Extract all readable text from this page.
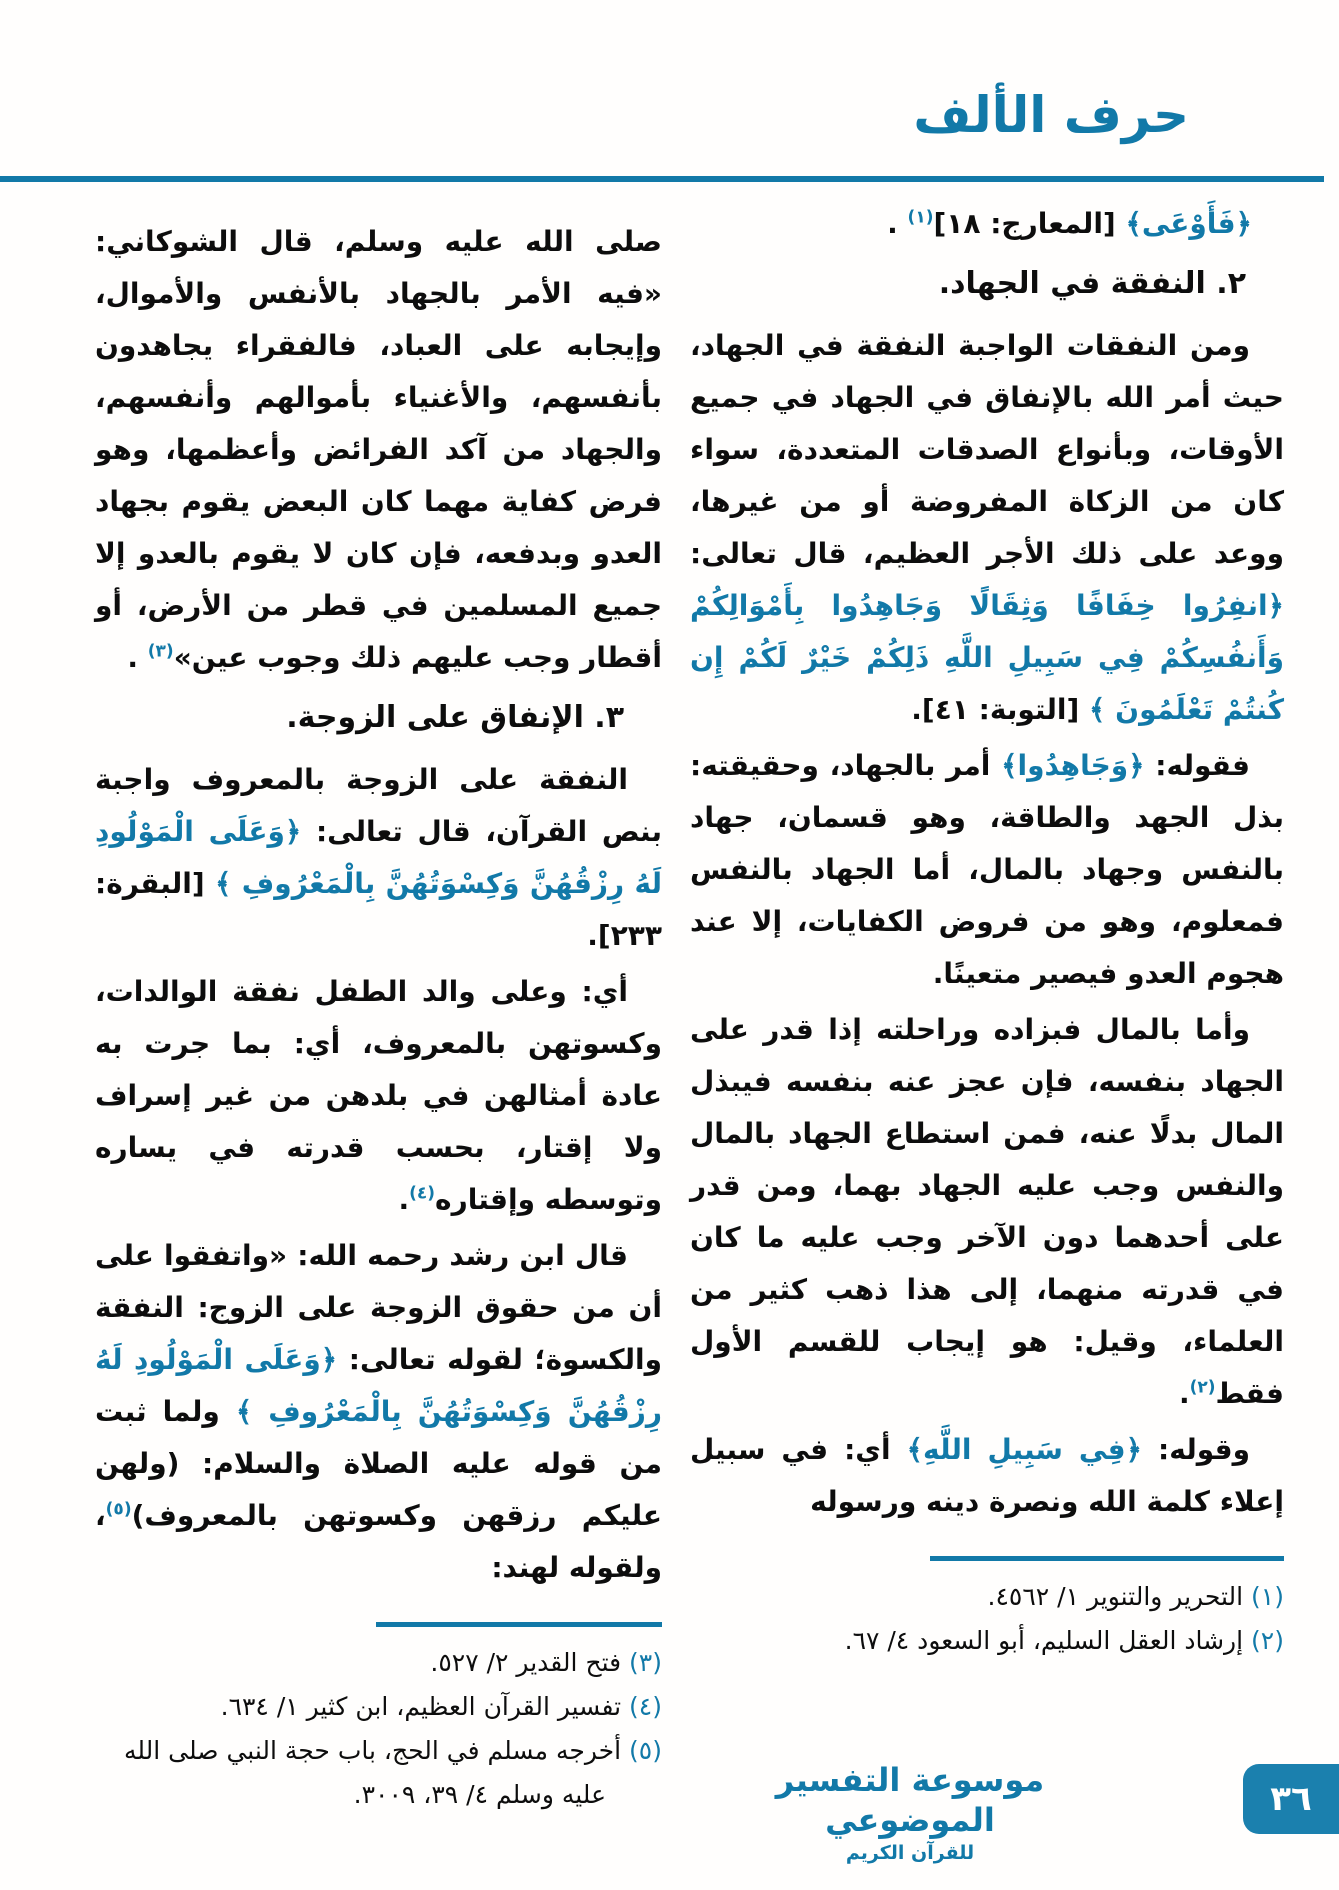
حرف الألف
﴿فَأَوْعَى﴾ [المعارج: ١٨]$^{(١)}$ .
٢. النفقة في الجهاد.
ومن النفقات الواجبة النفقة في الجهاد، حيث أمر الله بالإنفاق في الجهاد في جميع الأوقات، وبأنواع الصدقات المتعددة، سواء كان من الزكاة المفروضة أو من غيرها، ووعد على ذلك الأجر العظيم، قال تعالى: ﴿انفِرُوا خِفَافًا وَثِقَالًا وَجَاهِدُوا بِأَمْوَالِكُمْ وَأَنفُسِكُمْ فِي سَبِيلِ اللَّهِ ذَلِكُمْ خَيْرٌ لَكُمْ إِن كُنتُمْ تَعْلَمُونَ ﴾ [التوبة: ٤١].
فقوله: ﴿وَجَاهِدُوا﴾ أمر بالجهاد، وحقيقته: بذل الجهد والطاقة، وهو قسمان، جهاد بالنفس وجهاد بالمال، أما الجهاد بالنفس فمعلوم، وهو من فروض الكفايات، إلا عند هجوم العدو فيصير متعينًا.
وأما بالمال فبزاده وراحلته إذا قدر على الجهاد بنفسه، فإن عجز عنه بنفسه فيبذل المال بدلًا عنه، فمن استطاع الجهاد بالمال والنفس وجب عليه الجهاد بهما، ومن قدر على أحدهما دون الآخر وجب عليه ما كان في قدرته منهما، إلى هذا ذهب كثير من العلماء، وقيل: هو إيجاب للقسم الأول فقط$^{(٢)}$.
وقوله: ﴿فِي سَبِيلِ اللَّهِ﴾ أي: في سبيل إعلاء كلمة الله ونصرة دينه ورسوله
(١) التحرير والتنوير ١/ ٤٥٦٢.
(٢) إرشاد العقل السليم، أبو السعود ٤/ ٦٧.
صلى الله عليه وسلم، قال الشوكاني: «فيه الأمر بالجهاد بالأنفس والأموال، وإيجابه على العباد، فالفقراء يجاهدون بأنفسهم، والأغنياء بأموالهم وأنفسهم، والجهاد من آكد الفرائض وأعظمها، وهو فرض كفاية مهما كان البعض يقوم بجهاد العدو وبدفعه، فإن كان لا يقوم بالعدو إلا جميع المسلمين في قطر من الأرض، أو أقطار وجب عليهم ذلك وجوب عين»$^{(٣)}$ .
٣. الإنفاق على الزوجة.
النفقة على الزوجة بالمعروف واجبة بنص القرآن، قال تعالى: ﴿وَعَلَى الْمَوْلُودِ لَهُ رِزْقُهُنَّ وَكِسْوَتُهُنَّ بِالْمَعْرُوفِ ﴾ [البقرة: ٢٣٣].
أي: وعلى والد الطفل نفقة الوالدات، وكسوتهن بالمعروف، أي: بما جرت به عادة أمثالهن في بلدهن من غير إسراف ولا إقتار، بحسب قدرته في يساره وتوسطه وإقتاره$^{(٤)}$.
قال ابن رشد رحمه الله: «واتفقوا على أن من حقوق الزوجة على الزوج: النفقة والكسوة؛ لقوله تعالى: ﴿وَعَلَى الْمَوْلُودِ لَهُ رِزْقُهُنَّ وَكِسْوَتُهُنَّ بِالْمَعْرُوفِ ﴾ ولما ثبت من قوله عليه الصلاة والسلام: (ولهن عليكم رزقهن وكسوتهن بالمعروف)$^{(٥)}$، ولقوله لهند:
(٣) فتح القدير ٢/ ٥٢٧.
(٤) تفسير القرآن العظيم، ابن كثير ١/ ٦٣٤.
(٥) أخرجه مسلم في الحج، باب حجة النبي صلى الله عليه وسلم ٤/ ٣٩، ٣٠٠٩.	موسوعة التفسير الموضوعي
للقرآن الكريم
٣٦
